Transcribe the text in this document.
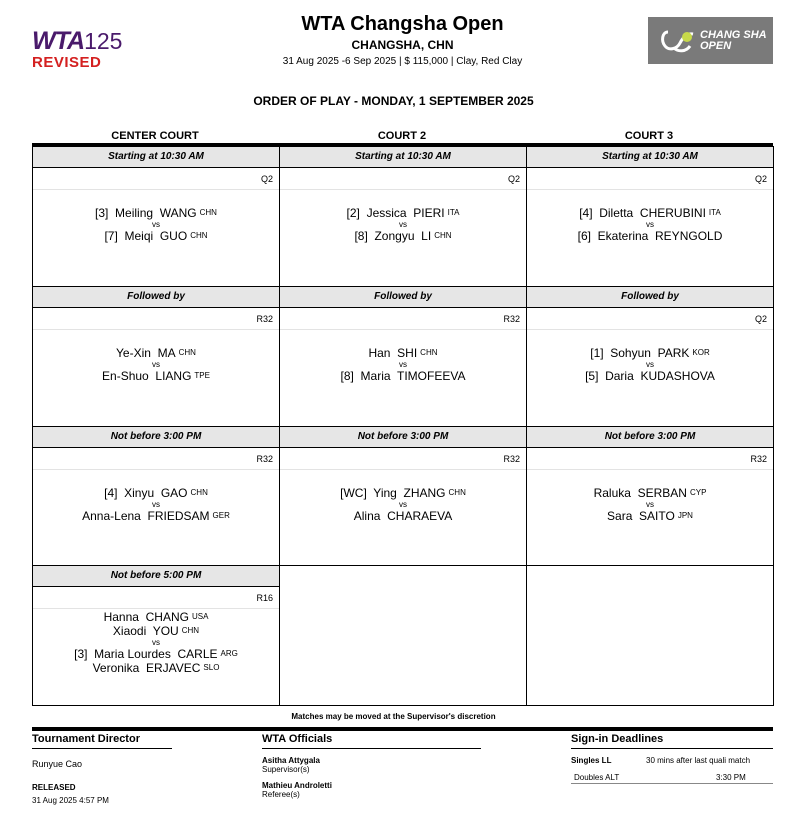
WTA125
REVISED
WTA Changsha Open
CHANGSHA, CHN
31 Aug 2025 -6 Sep 2025 | $ 115,000 | Clay, Red Clay
CHANG SHA
OPEN
ORDER OF PLAY - MONDAY, 1 SEPTEMBER 2025
CENTER COURT	COURT 2	COURT 3
Starting at 10:30 AM
Q2
[3] Meiling WANG CHN
vs
[7] Meiqi GUO CHN
Starting at 10:30 AM
Q2
[2] Jessica PIERI ITA
vs
[8] Zongyu LI CHN
Starting at 10:30 AM
Q2
[4] Diletta CHERUBINI ITA
vs
[6] Ekaterina REYNGOLD
Followed by
R32
Ye-Xin MA CHN
vs
En-Shuo LIANG TPE
Followed by
R32
Han SHI CHN
vs
[8] Maria TIMOFEEVA
Followed by
Q2
[1] Sohyun PARK KOR
vs
[5] Daria KUDASHOVA
Not before 3:00 PM
R32
[4] Xinyu GAO CHN
vs
Anna-Lena FRIEDSAM GER
Not before 3:00 PM
R32
[WC] Ying ZHANG CHN
vs
Alina CHARAEVA
Not before 3:00 PM
R32
Raluka SERBAN CYP
vs
Sara SAITO JPN
Not before 5:00 PM
R16
Hanna CHANG USA
Xiaodi YOU CHN
vs
[3] Maria Lourdes CARLE ARG
Veronika ERJAVEC SLO
Matches may be moved at the Supervisor's discretion
Tournament Director
Runyue Cao
RELEASED
31 Aug 2025 4:57 PM
WTA Officials
Asitha Attygala
Supervisor(s)
Mathieu Androletti
Referee(s)
Sign-in Deadlines
Singles LL	30 mins after last quali match
Doubles ALT	3:30 PM
